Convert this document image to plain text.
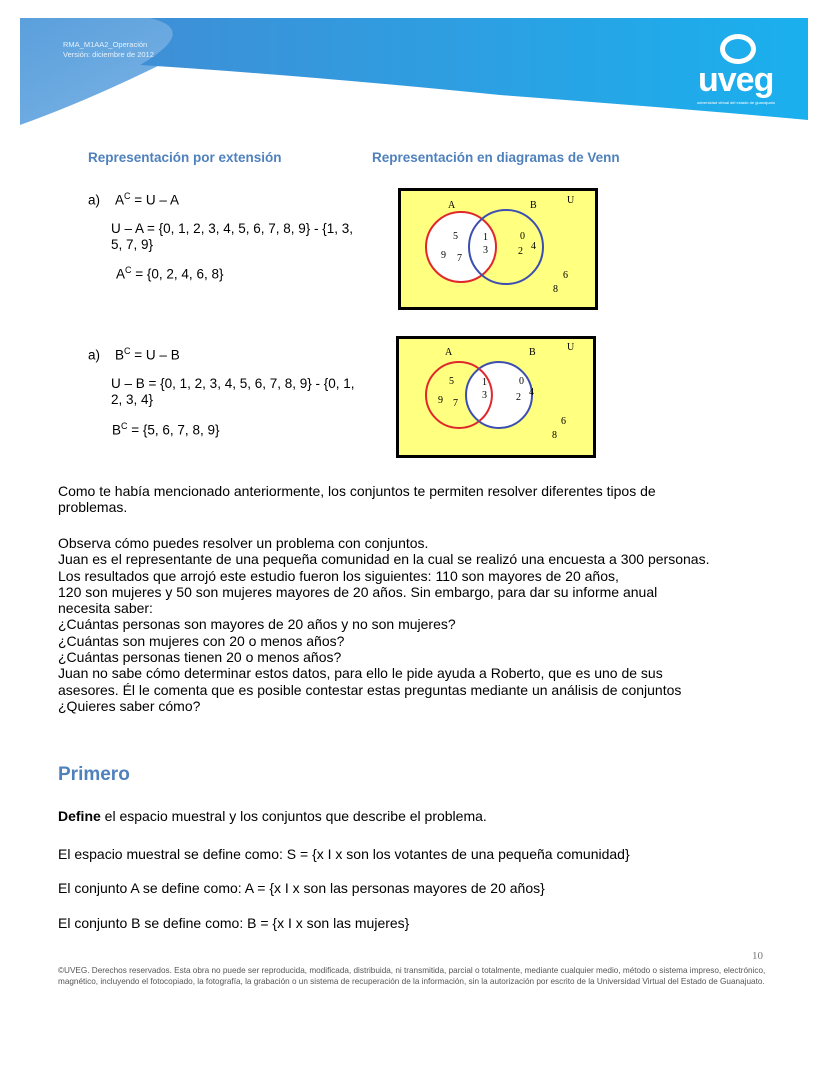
RMA_M1AA2_Operación
Versión: diciembre de 2012
uveg
universidad virtual del estado de guanajuato
Representación por extensión	Representación en diagramas de Venn
a) $A^C = U - A$
U – A = {0, 1, 2, 3, 4, 5, 6, 7, 8, 9} - {1, 3, 5, 7, 9}
$A^C = \{0$, 2, 4, 6, 8}
a) $B^C = U - B$
U – B = {0, 1, 2, 3, 4, 5, 6, 7, 8, 9} - {0, 1, 2, 3, 4}
$B^C = \{5$, 6, 7, 8, 9}
A	B	U
5
9 7
1
3
0
2 4
6
8
A	B	U
5
9 7
1
3
0
2 4
6
8
Como te había mencionado anteriormente, los conjuntos te permiten resolver diferentes tipos de problemas.
Observa cómo puedes resolver un problema con conjuntos.
Juan es el representante de una pequeña comunidad en la cual se realizó una encuesta a 300 personas.
Los resultados que arrojó este estudio fueron los siguientes: 110 son mayores de 20 años,
120 son mujeres y 50 son mujeres mayores de 20 años. Sin embargo, para dar su informe anual
necesita saber:
¿Cuántas personas son mayores de 20 años y no son mujeres?
¿Cuántas son mujeres con 20 o menos años?
¿Cuántas personas tienen 20 o menos años?
Juan no sabe cómo determinar estos datos, para ello le pide ayuda a Roberto, que es uno de sus
asesores. Él le comenta que es posible contestar estas preguntas mediante un análisis de conjuntos
¿Quieres saber cómo?
Primero
Define el espacio muestral y los conjuntos que describe el problema.
El espacio muestral se define como: S = {x I x son los votantes de una pequeña comunidad}
El conjunto A se define como: A = {x I x son las personas mayores de 20 años}
El conjunto B se define como: B = {x I x son las mujeres}
10
©UVEG. Derechos reservados. Esta obra no puede ser reproducida, modificada, distribuida, ni transmitida, parcial o totalmente, mediante cualquier medio, método o sistema impreso, electrónico, magnético, incluyendo el fotocopiado, la fotografía, la grabación o un sistema de recuperación de la información, sin la autorización por escrito de la Universidad Virtual del Estado de Guanajuato.
